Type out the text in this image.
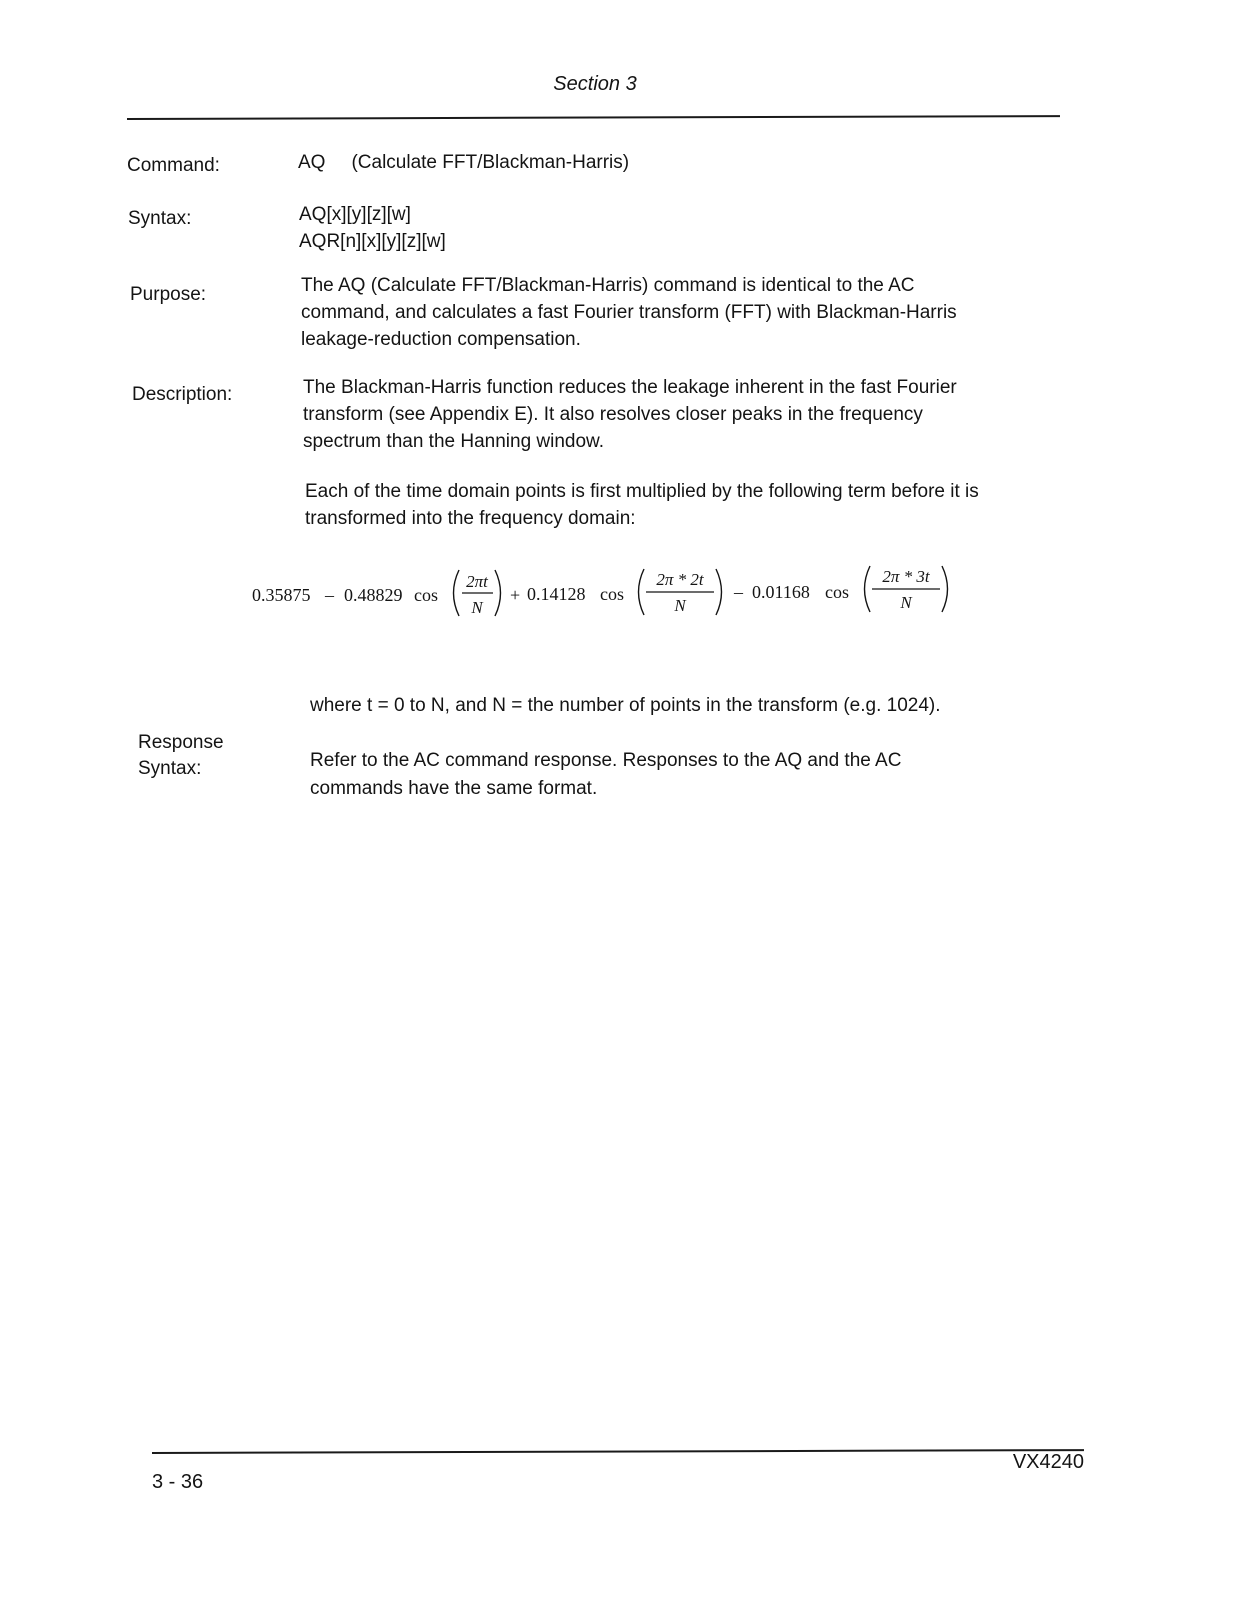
Section 3
Command:	AQ (Calculate FFT/Blackman-Harris)
Syntax:	AQ[x][y][z][w]
AQR[n][x][y][z][w]
Purpose:	The AQ (Calculate FFT/Blackman-Harris) command is identical to the AC
command, and calculates a fast Fourier transform (FFT) with Blackman-Harris
leakage-reduction compensation.
Description:	The Blackman-Harris function reduces the leakage inherent in the fast Fourier
transform (see Appendix E). It also resolves closer peaks in the frequency
spectrum than the Hanning window.
Each of the time domain points is first multiplied by the following term before it is
transformed into the frequency domain:
0.35875 – 0.48829 cos
2πt
N
+ 0.14128 cos
2π * 2t
N
– 0.01168 cos
2π * 3t
N
where t = 0 to N, and N = the number of points in the transform (e.g. 1024).
Response
Syntax:	Refer to the AC command response. Responses to the AQ and the AC
commands have the same format.
3 - 36
VX4240
